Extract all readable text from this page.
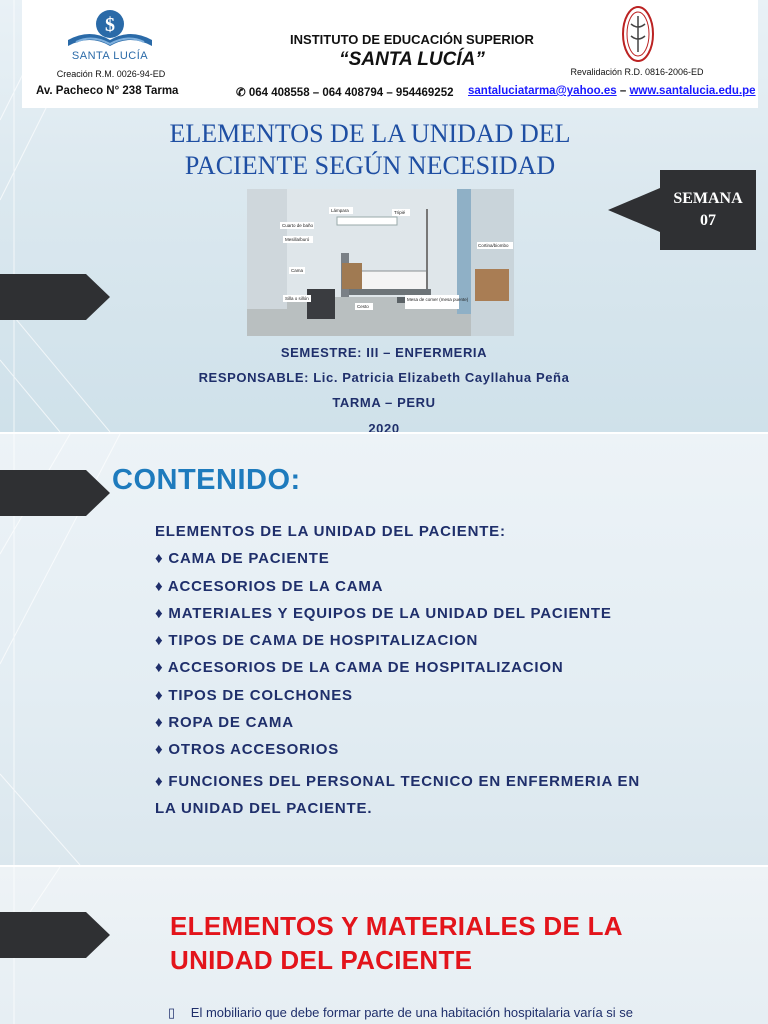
$
SANTA LUCÍA
Creación R.M. 0026-94-ED
INSTITUTO DE EDUCACIÓN SUPERIOR
“SANTA LUCÍA”
Revalidación R.D. 0816-2006-ED
Av. Pacheco N° 238 Tarma	✆ 064 408558 – 064 408794 – 954469252 santaluciatarma@yahoo.es – www.santalucia.edu.pe
ELEMENTOS DE LA UNIDAD DEL
PACIENTE SEGÚN NECESIDAD
SEMANA
07
Lámpara	Tripié
Cuarto de baño
Mesilla/buró
Cortina/biombo
Cama
Silla o sillón
Cesto
Mesa de comer (mesa puente)
SEMESTRE: III – ENFERMERIA
RESPONSABLE: Lic. Patricia Elizabeth Cayllahua Peña
TARMA – PERU
2020
CONTENIDO:
ELEMENTOS DE LA UNIDAD DEL PACIENTE:
♦ CAMA DE PACIENTE
♦ ACCESORIOS DE LA CAMA
♦ MATERIALES Y EQUIPOS DE LA UNIDAD DEL PACIENTE
♦ TIPOS DE CAMA DE HOSPITALIZACION
♦ ACCESORIOS DE LA CAMA DE HOSPITALIZACION
♦ TIPOS DE COLCHONES
♦ ROPA DE CAMA
♦ OTROS ACCESORIOS
♦ FUNCIONES DEL PERSONAL TECNICO EN ENFERMERIA EN
LA UNIDAD DEL PACIENTE.
ELEMENTOS Y MATERIALES DE LA
UNIDAD DEL PACIENTE
▯ El mobiliario que debe formar parte de una habitación hospitalaria varía si se
